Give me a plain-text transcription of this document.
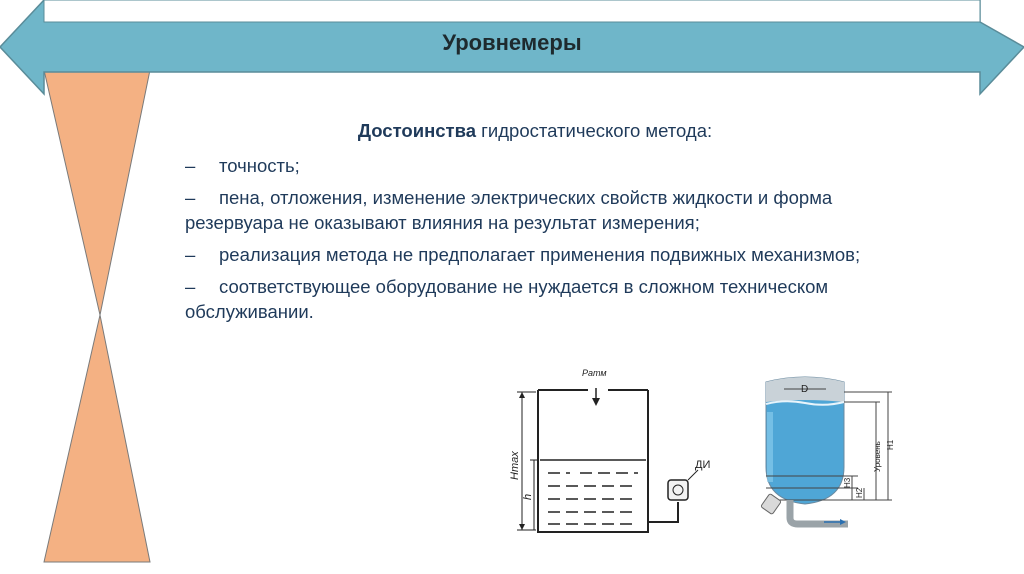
Уровнемеры

Достоинства гидростатического метода:

– точность;

– пена, отложения, изменение электрических свойств жидкости и форма резервуара не оказывают влияния на результат измерения;

– реализация метода не предполагает применения подвижных механизмов;

– соответствующее оборудование не нуждается в сложном техническом обслуживании.

Hmax
h
Pатм
ДИ
D
Уровень H1
H3
H2
